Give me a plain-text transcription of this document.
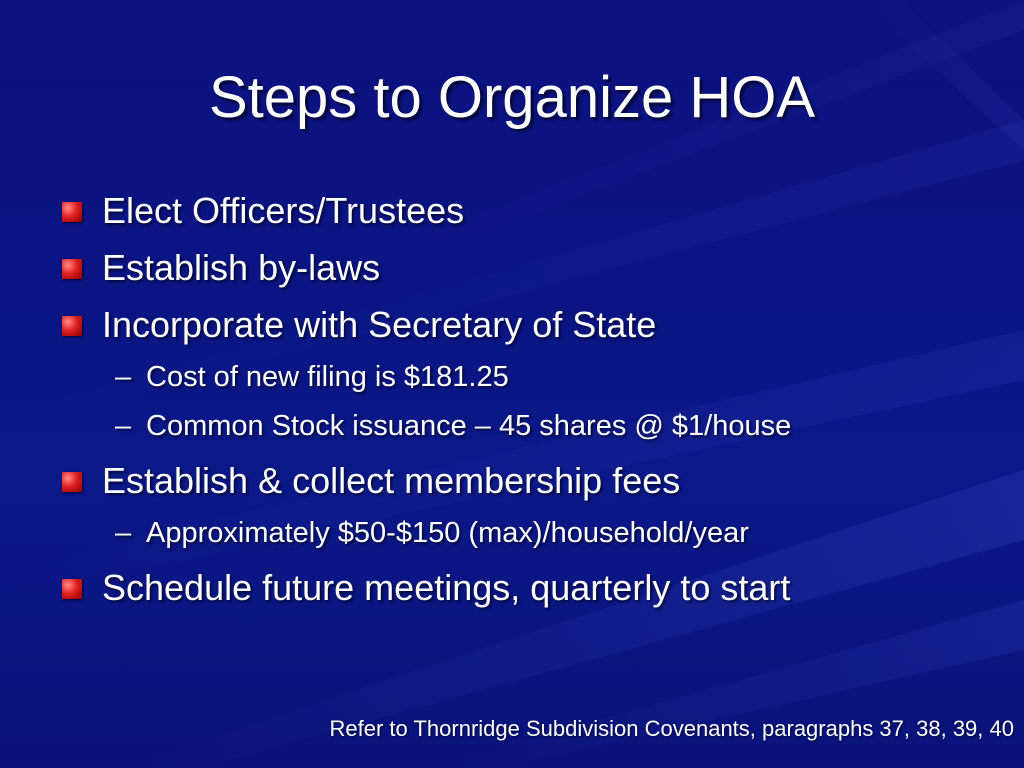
Steps to Organize HOA
Elect Officers/Trustees
Establish by-laws
Incorporate with Secretary of State
– Cost of new filing is $181.25
– Common Stock issuance – 45 shares @ $1/house
Establish & collect membership fees
– Approximately $50-$150 (max)/household/year
Schedule future meetings, quarterly to start
Refer to Thornridge Subdivision Covenants, paragraphs 37, 38, 39, 40
